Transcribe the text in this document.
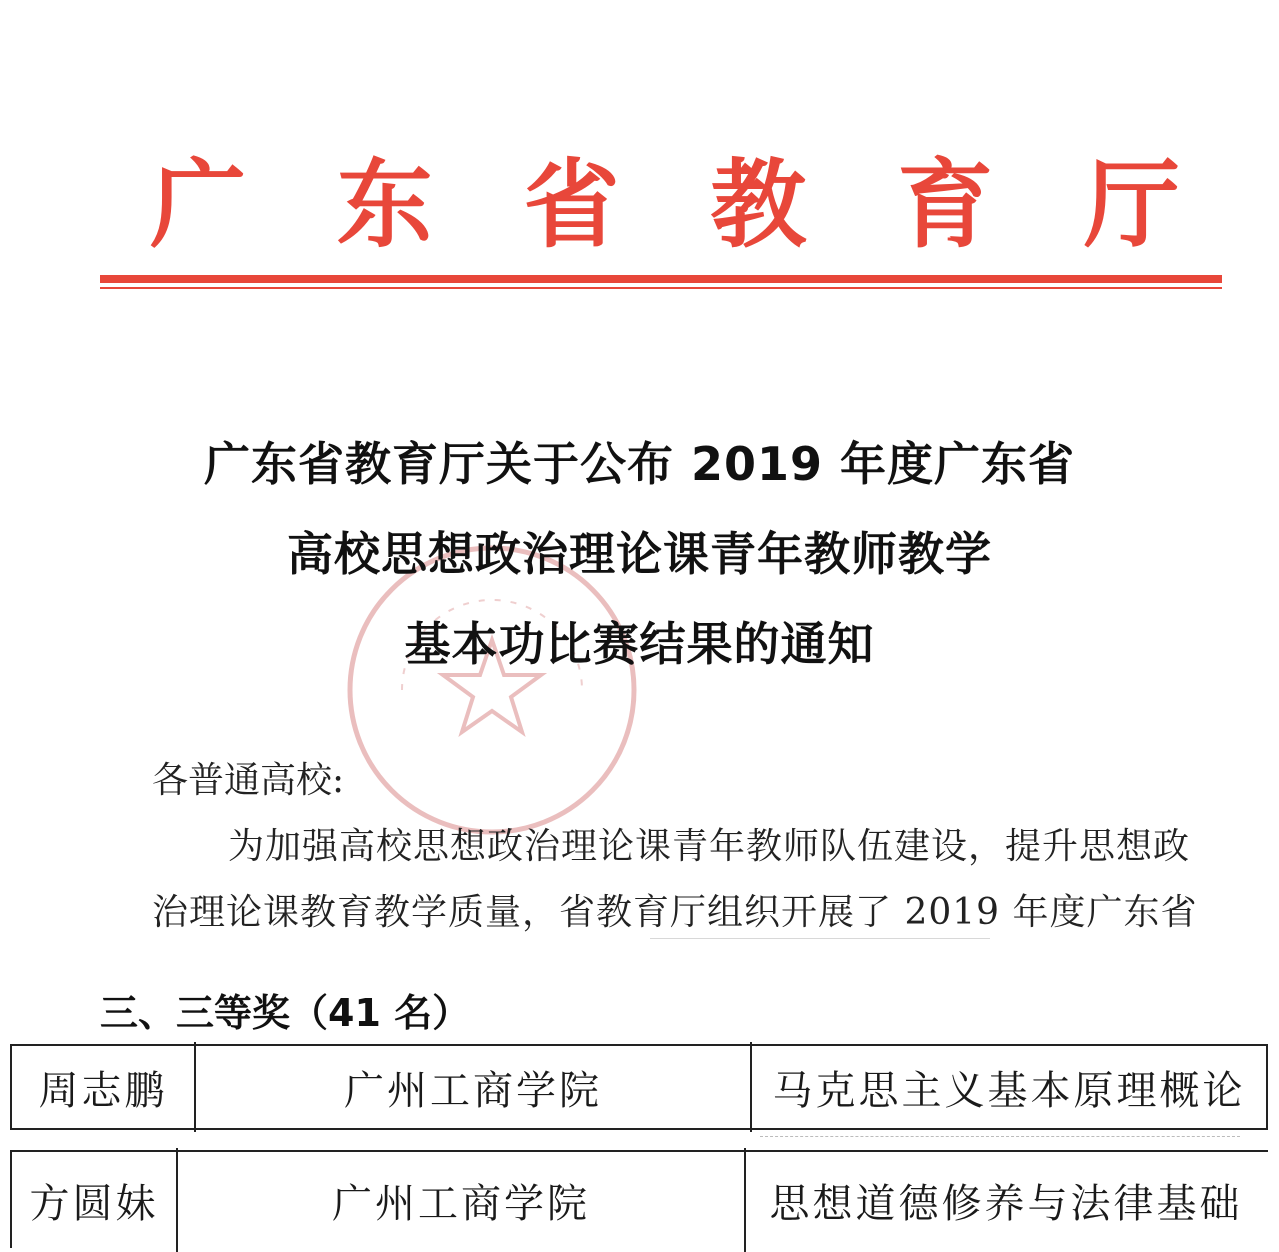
广 东 省 教 育 厅
广东省教育厅关于公布 2019 年度广东省
高校思想政治理论课青年教师教学
基本功比赛结果的通知
各普通高校:
为加强高校思想政治理论课青年教师队伍建设，提升思想政
治理论课教育教学质量，省教育厅组织开展了 2019 年度广东省
三、三等奖（41 名）
周志鹏	广州工商学院	马克思主义基本原理概论
方圆妹	广州工商学院	思想道德修养与法律基础
